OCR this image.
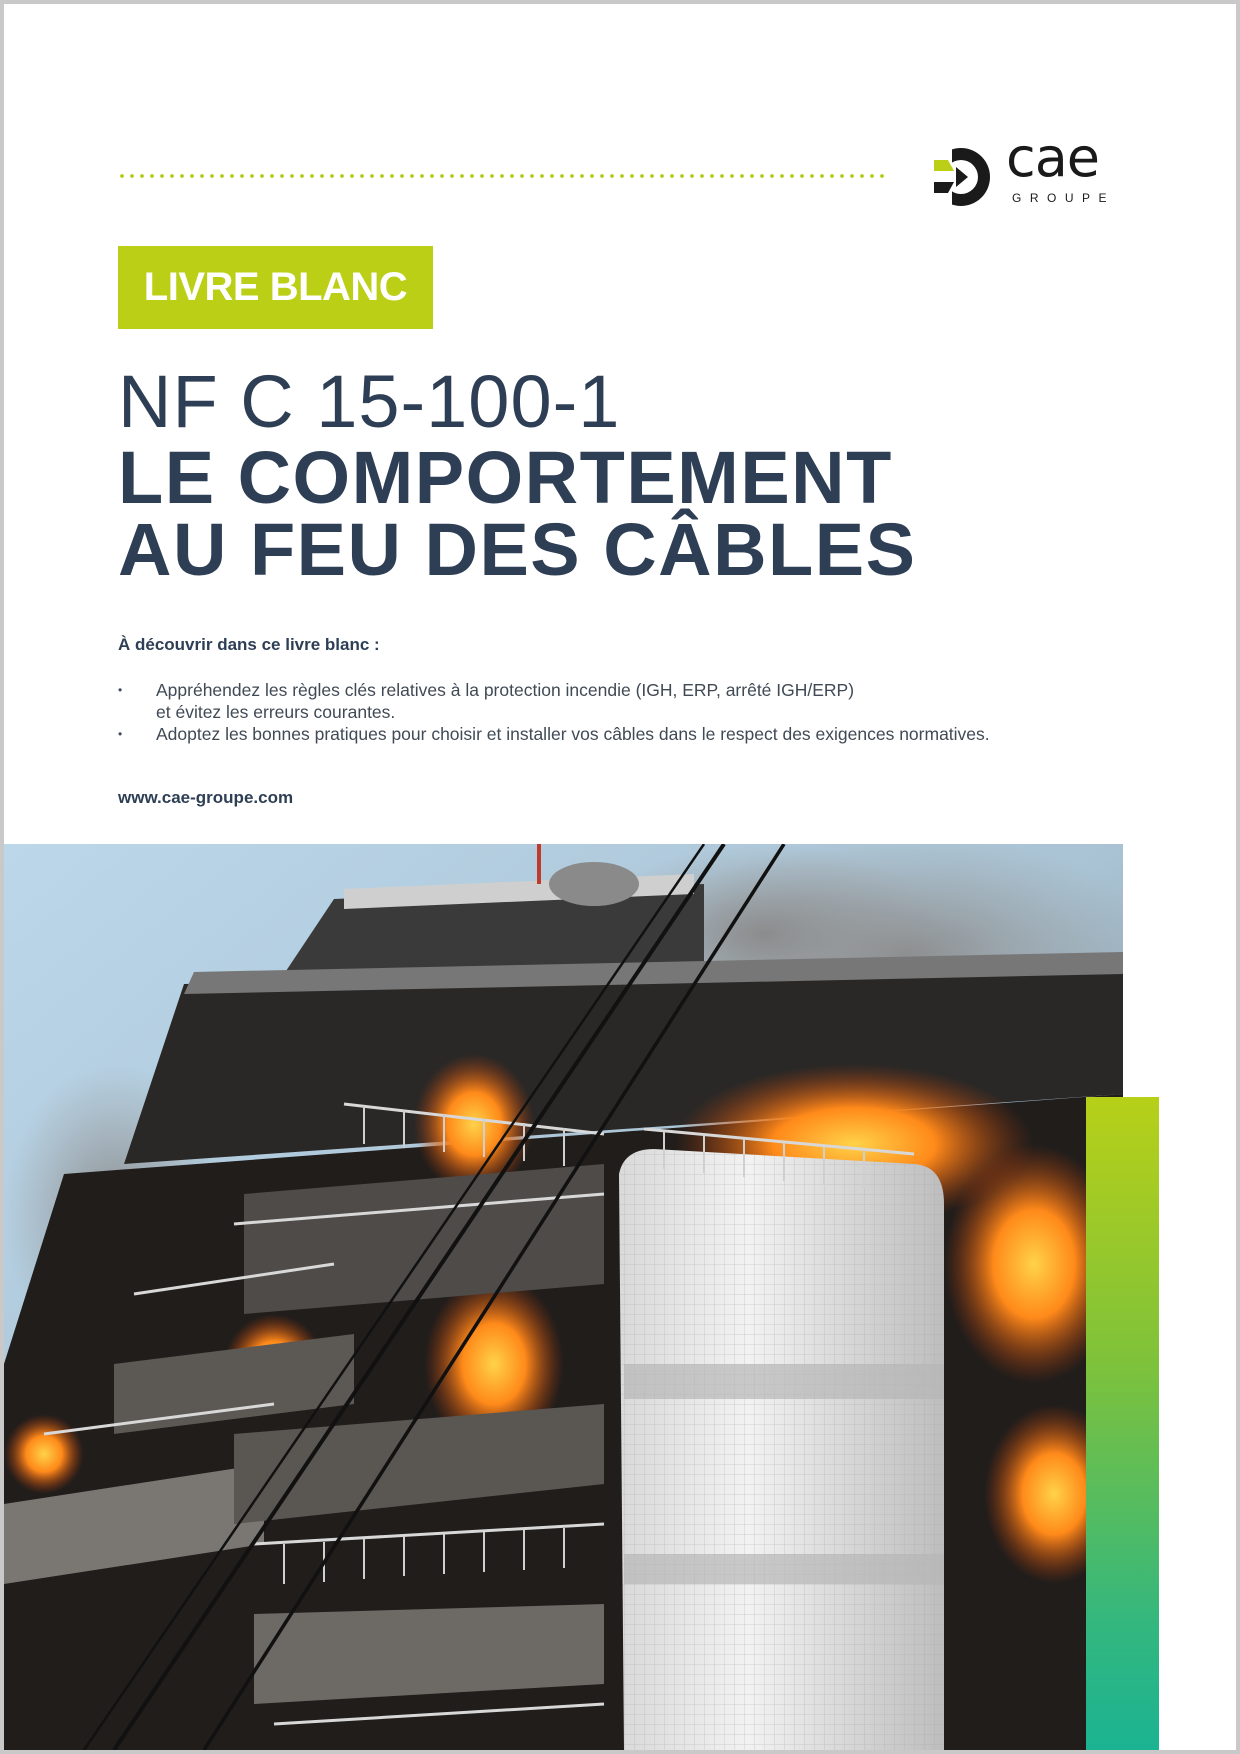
cae
GROUPE
LIVRE BLANC
NF C 15-100-1
LE COMPORTEMENT
AU FEU DES CÂBLES
À découvrir dans ce livre blanc :
•	Appréhendez les règles clés relatives à la protection incendie (IGH, ERP, arrêté IGH/ERP)
et évitez les erreurs courantes.
•	Adoptez les bonnes pratiques pour choisir et installer vos câbles dans le respect des exigences normatives.
www.cae-groupe.com
